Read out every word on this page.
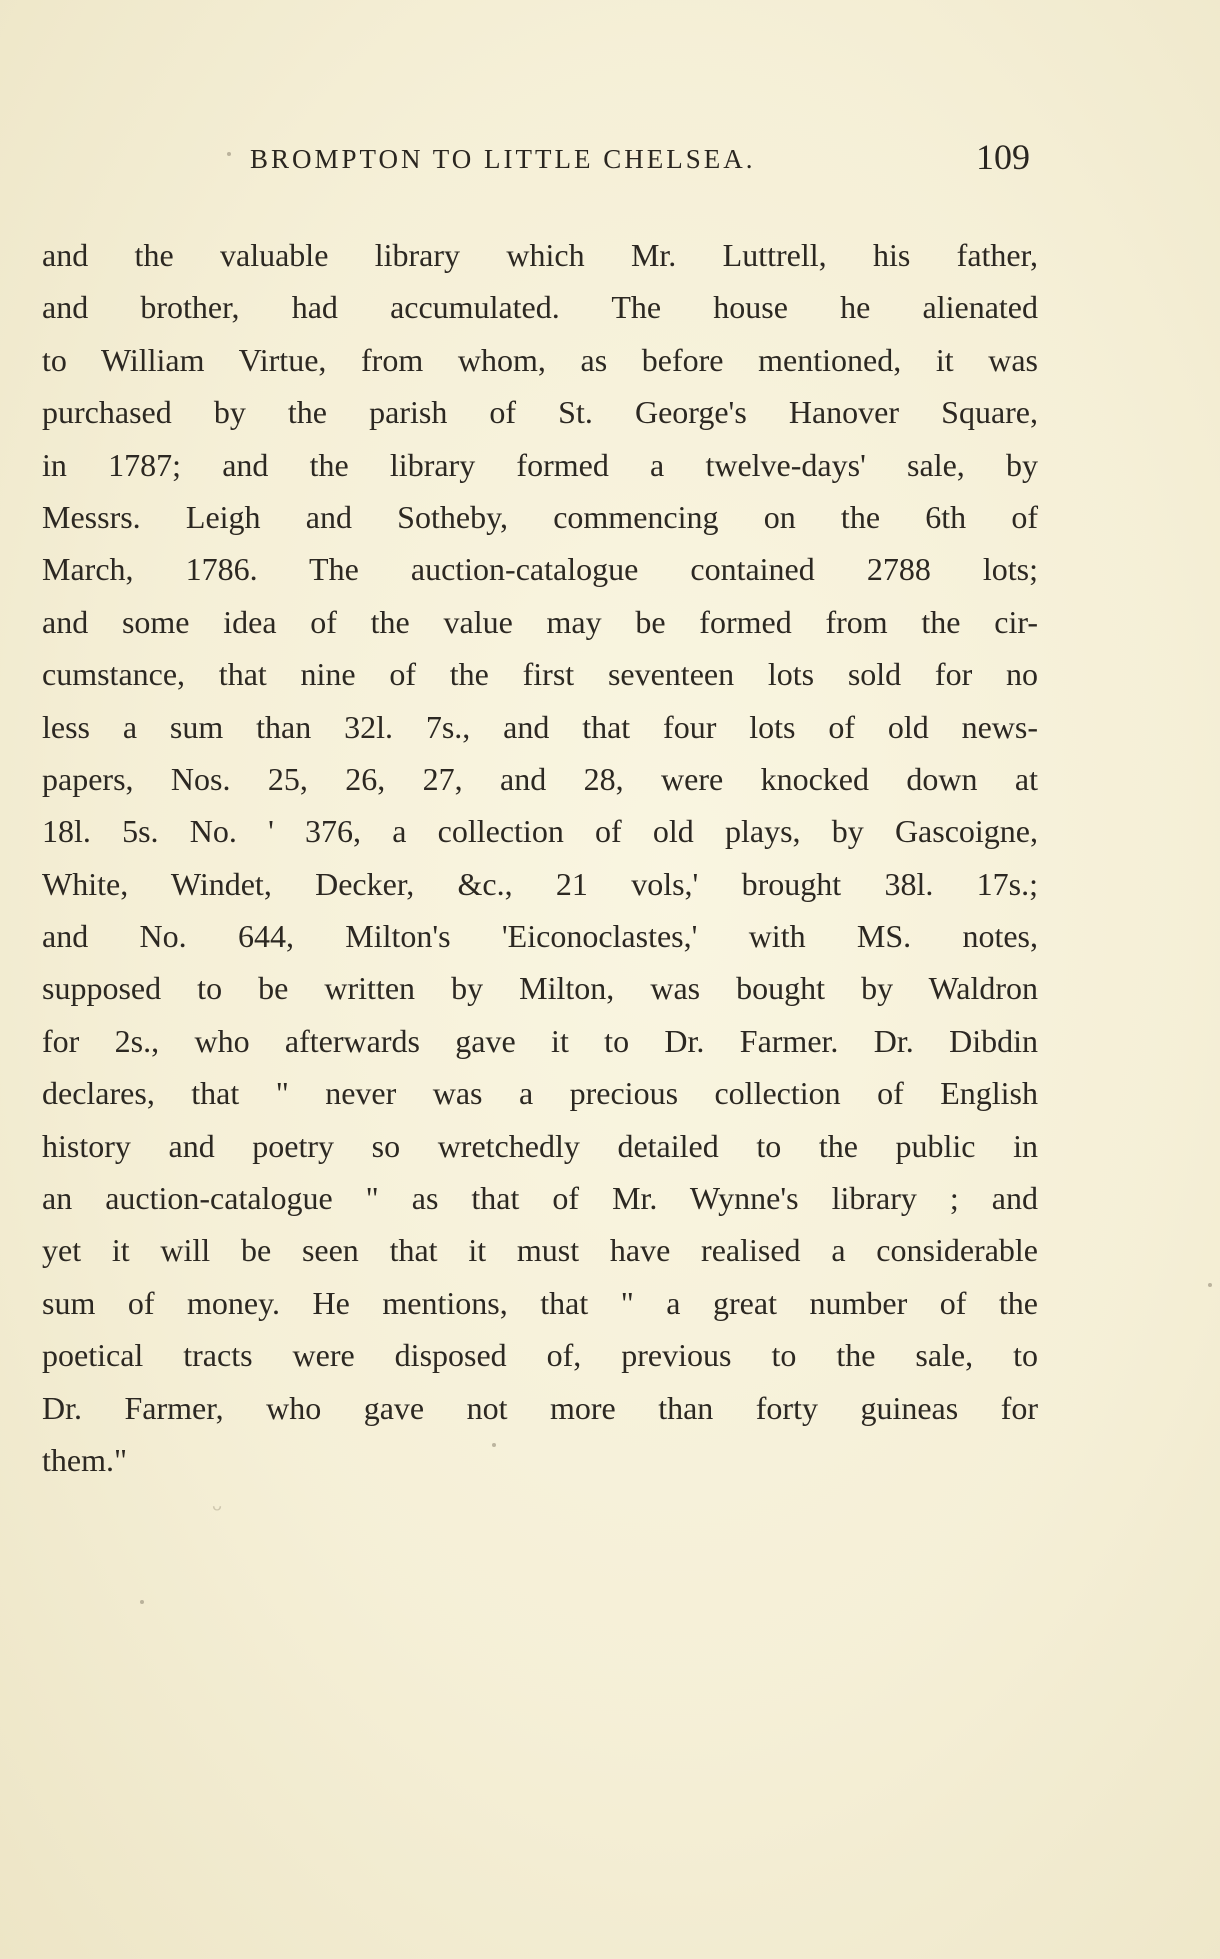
BROMPTON TO LITTLE CHELSEA.	109
and the valuable library which Mr. Luttrell, his father,
and brother, had accumulated. The house he alienated
to William Virtue, from whom, as before mentioned, it was
purchased by the parish of St. George's Hanover Square,
in 1787; and the library formed a twelve-days' sale, by
Messrs. Leigh and Sotheby, commencing on the 6th of
March, 1786. The auction-catalogue contained 2788 lots;
and some idea of the value may be formed from the cir-
cumstance, that nine of the first seventeen lots sold for no
less a sum than 32l. 7s., and that four lots of old news-
papers, Nos. 25, 26, 27, and 28, were knocked down at
18l. 5s. No. ' 376, a collection of old plays, by Gascoigne,
White, Windet, Decker, &c., 21 vols,' brought 38l. 17s.;
and No. 644, Milton's 'Eiconoclastes,' with MS. notes,
supposed to be written by Milton, was bought by Waldron
for 2s., who afterwards gave it to Dr. Farmer. Dr. Dibdin
declares, that " never was a precious collection of English
history and poetry so wretchedly detailed to the public in
an auction-catalogue " as that of Mr. Wynne's library ; and
yet it will be seen that it must have realised a considerable
sum of money. He mentions, that " a great number of the
poetical tracts were disposed of, previous to the sale, to
Dr. Farmer, who gave not more than forty guineas for
them."
ᵕ
